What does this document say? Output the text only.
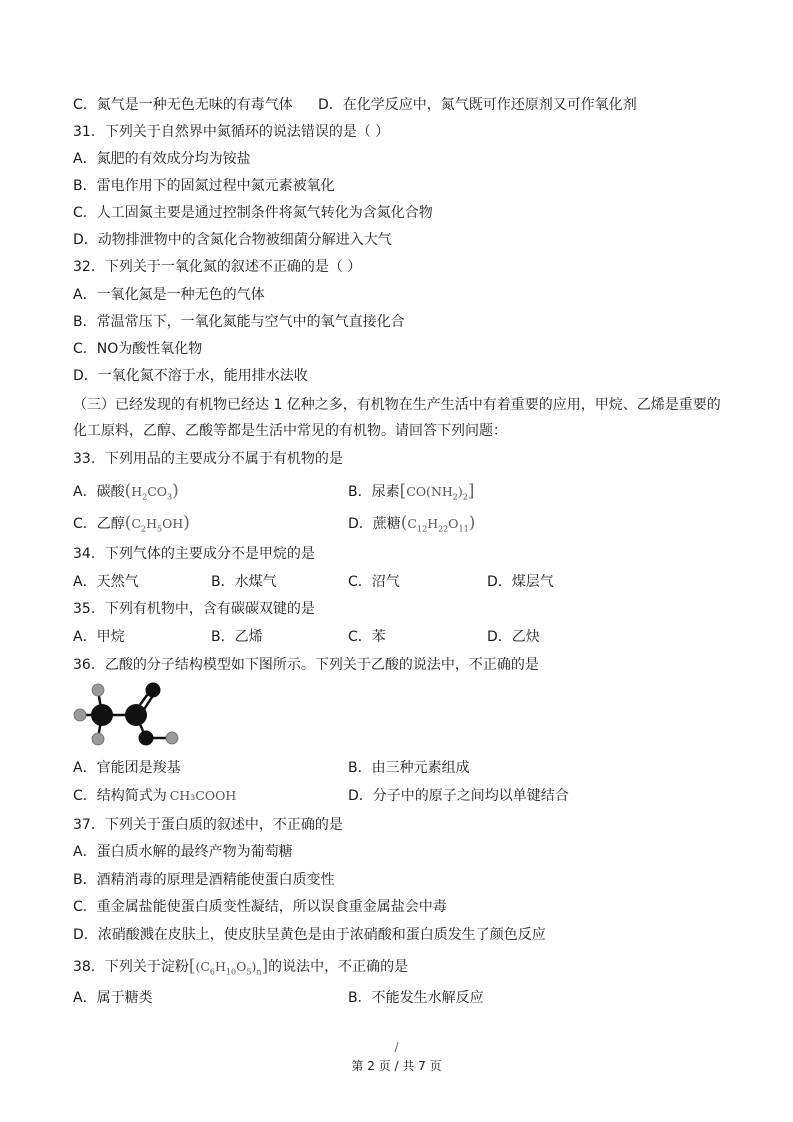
C．氮气是一种无色无味的有毒气体 D．在化学反应中，氮气既可作还原剂又可作氧化剂
31．下列关于自然界中氮循环的说法错误的是（ ）
A．氮肥的有效成分均为铵盐
B．雷电作用下的固氮过程中氮元素被氧化
C．人工固氮主要是通过控制条件将氮气转化为含氮化合物
D．动物排泄物中的含氮化合物被细菌分解进入大气
32．下列关于一氧化氮的叙述不正确的是（ ）
A．一氧化氮是一种无色的气体
B．常温常压下，一氧化氮能与空气中的氧气直接化合
C．NO为酸性氧化物
D．一氧化氮不溶于水，能用排水法收
（三）已经发现的有机物已经达 1 亿种之多，有机物在生产生活中有着重要的应用，甲烷、乙烯是重要的
化工原料，乙醇、乙酸等都是生活中常见的有机物。请回答下列问题：
33．下列用品的主要成分不属于有机物的是
A．碳酸$(H_2CO_3)$	B．尿素$[CO(NH_2)_2]$
C．乙醇$(C_2H_5OH)$	D．蔗糖$(C_{12}H_{22}O_{11})$
34．下列气体的主要成分不是甲烷的是
A．天然气	B．水煤气	C．沼气	D．煤层气
35．下列有机物中，含有碳碳双键的是
A．甲烷	B．乙烯	C．苯	D．乙炔
36．乙酸的分子结构模型如下图所示。下列关于乙酸的说法中，不正确的是
A．官能团是羧基	B．由三种元素组成
C．结构简式为 CH₃COOH	D．分子中的原子之间均以单键结合
37．下列关于蛋白质的叙述中，不正确的是
A．蛋白质水解的最终产物为葡萄糖
B．酒精消毒的原理是酒精能使蛋白质变性
C．重金属盐能使蛋白质变性凝结，所以误食重金属盐会中毒
D．浓硝酸溅在皮肤上，使皮肤呈黄色是由于浓硝酸和蛋白质发生了颜色反应
38．下列关于淀粉$[(C_6H_{10}O_5)_n]$的说法中，不正确的是
A．属于糖类	B．不能发生水解反应
/
第 2 页 / 共 7 页
